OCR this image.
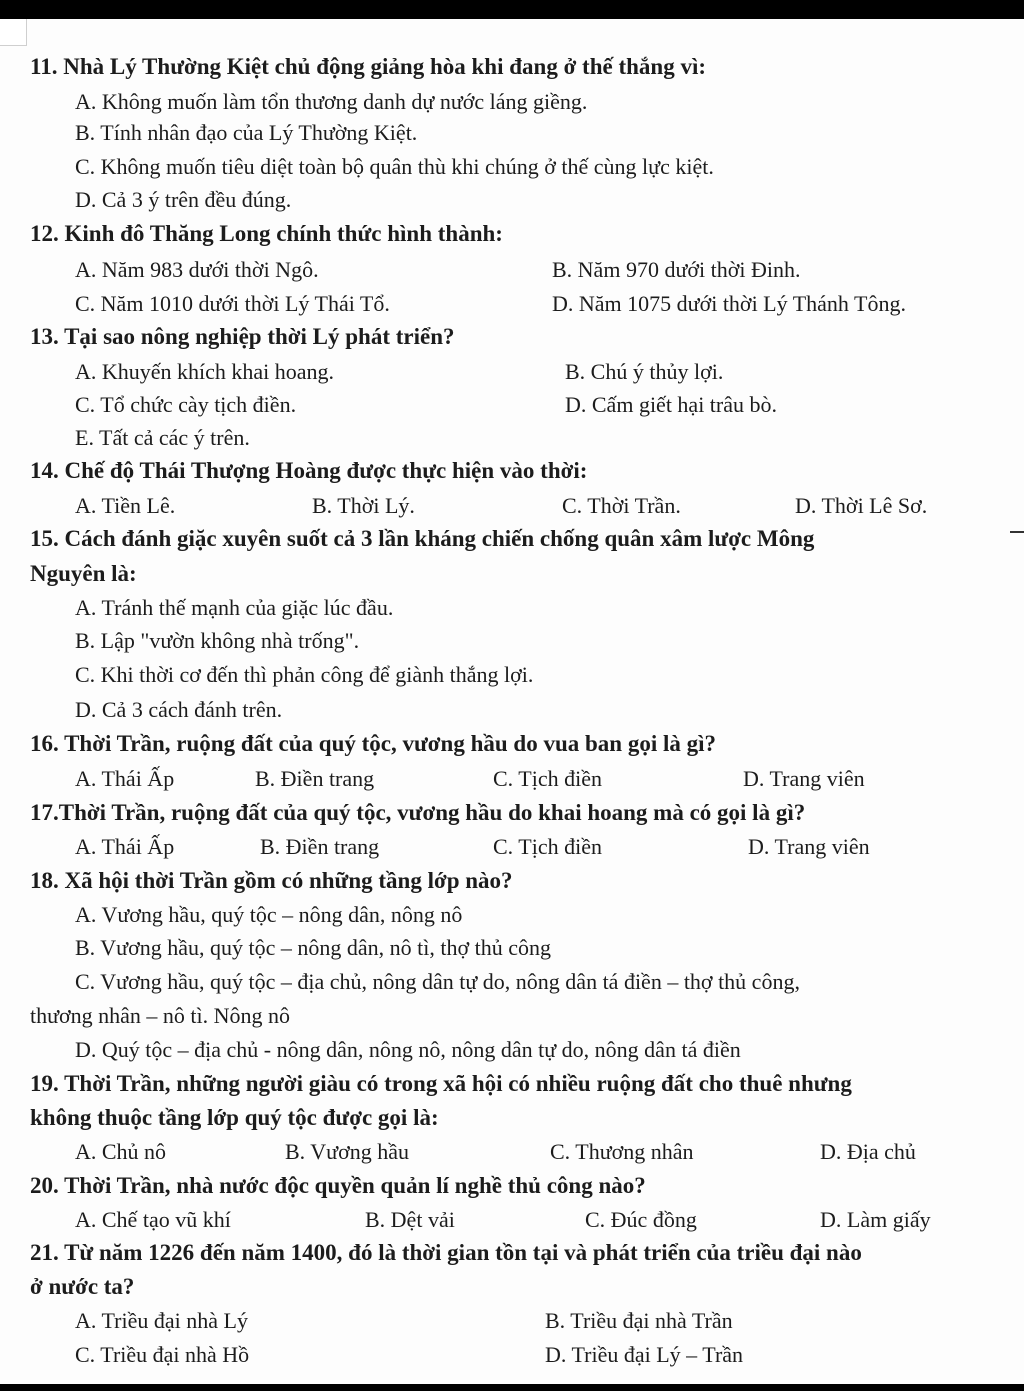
11. Nhà Lý Thường Kiệt chủ động giảng hòa khi đang ở thế thắng vì:
A. Không muốn làm tổn thương danh dự nước láng giềng.
B. Tính nhân đạo của Lý Thường Kiệt.
C. Không muốn tiêu diệt toàn bộ quân thù khi chúng ở thế cùng lực kiệt.
D. Cả 3 ý trên đều đúng.
12. Kinh đô Thăng Long chính thức hình thành:
A. Năm 983 dưới thời Ngô.	B. Năm 970 dưới thời Đinh.
C. Năm 1010 dưới thời Lý Thái Tổ.	D. Năm 1075 dưới thời Lý Thánh Tông.
13. Tại sao nông nghiệp thời Lý phát triển?
A. Khuyến khích khai hoang.	B. Chú ý thủy lợi.
C. Tổ chức cày tịch điền.	D. Cấm giết hại trâu bò.
E. Tất cả các ý trên.
14. Chế độ Thái Thượng Hoàng được thực hiện vào thời:
A. Tiền Lê.	B. Thời Lý.	C. Thời Trần.	D. Thời Lê Sơ.
15. Cách đánh giặc xuyên suốt cả 3 lần kháng chiến chống quân xâm lược Mông
Nguyên là:
A. Tránh thế mạnh của giặc lúc đầu.
B. Lập "vườn không nhà trống".
C. Khi thời cơ đến thì phản công để giành thắng lợi.
D. Cả 3 cách đánh trên.
16. Thời Trần, ruộng đất của quý tộc, vương hầu do vua ban gọi là gì?
A. Thái Ấp	B. Điền trang	C. Tịch điền	D. Trang viên
17.Thời Trần, ruộng đất của quý tộc, vương hầu do khai hoang mà có gọi là gì?
A. Thái Ấp	B. Điền trang	C. Tịch điền	D. Trang viên
18. Xã hội thời Trần gồm có những tầng lớp nào?
A. Vương hầu, quý tộc – nông dân, nông nô
B. Vương hầu, quý tộc – nông dân, nô tì, thợ thủ công
C. Vương hầu, quý tộc – địa chủ, nông dân tự do, nông dân tá điền – thợ thủ công,
thương nhân – nô tì. Nông nô
D. Quý tộc – địa chủ - nông dân, nông nô, nông dân tự do, nông dân tá điền
19. Thời Trần, những người giàu có trong xã hội có nhiều ruộng đất cho thuê nhưng
không thuộc tầng lớp quý tộc được gọi là:
A. Chủ nô	B. Vương hầu	C. Thương nhân	D. Địa chủ
20. Thời Trần, nhà nước độc quyền quản lí nghề thủ công nào?
A. Chế tạo vũ khí	B. Dệt vải	C. Đúc đồng	D. Làm giấy
21. Từ năm 1226 đến năm 1400, đó là thời gian tồn tại và phát triển của triều đại nào
ở nước ta?
A. Triều đại nhà Lý	B. Triều đại nhà Trần
C. Triều đại nhà Hồ	D. Triều đại Lý – Trần
